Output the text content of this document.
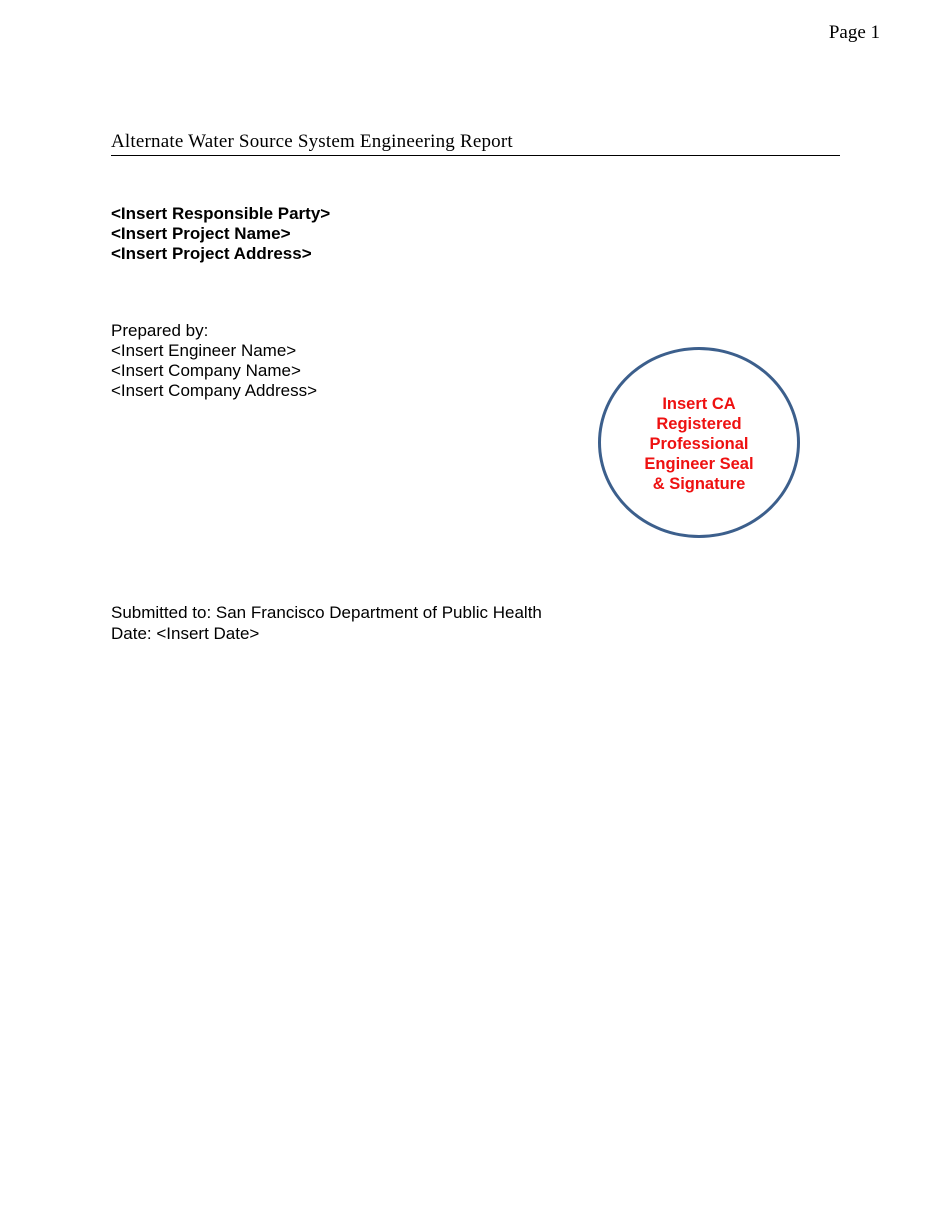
Page 1
Alternate Water Source System Engineering Report
<Insert Responsible Party>
<Insert Project Name>
<Insert Project Address>
Prepared by:
<Insert Engineer Name>
<Insert Company Name>
<Insert Company Address>
Insert CA
Registered
Professional
Engineer Seal
& Signature
Submitted to: San Francisco Department of Public Health
Date: <Insert Date>
